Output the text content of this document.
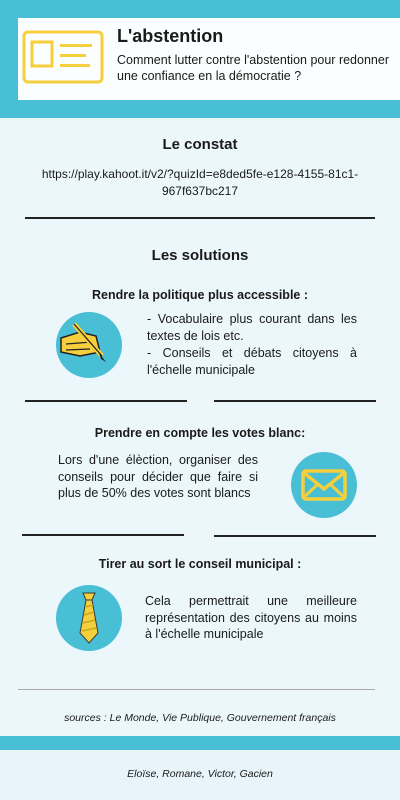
L'abstention

Comment lutter contre l'abstention pour redonner une confiance en la démocratie ?

Le constat

https://play.kahoot.it/v2/?quizId=e8ded5fe-e128-4155-81c1-967f637bc217

Les solutions
Rendre la politique plus accessible :

- Vocabulaire plus courant dans les textes de lois etc.

- Conseils et débats citoyens à l'échelle municipale

Prendre en compte les votes blanc:

Lors d'une élèction, organiser des conseils pour décider que faire si plus de 50% des votes sont blancs

Tirer au sort le conseil municipal :

Cela permettrait une meilleure représentation des citoyens au moins à l'échelle municipale

sources : Le Monde, Vie Publique, Gouvernement français

Eloïse, Romane, Victor, Gacien
